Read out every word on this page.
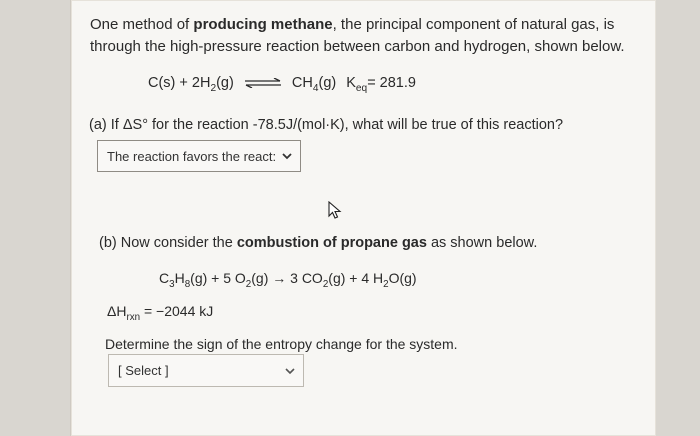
One method of producing methane, the principal component of natural gas, is through the high-pressure reaction between carbon and hydrogen, shown below.
$C(s) + 2H_2(g)$ ⇌ $CH_4(g)$ $K_{eq}= 281.9$
(a) If ΔS° for the reaction -78.5J/(mol·K), what will be true of this reaction?
The reaction favors the react:
(b) Now consider the combustion of propane gas as shown below.
$C_3H_8(g) + 5$ $O_2(g) \to 3$ $CO_2(g) + 4$ $H_2O(g)$
$\Delta H_{rxn} = -2044$ kJ
Determine the sign of the entropy change for the system.
[ Select ]
